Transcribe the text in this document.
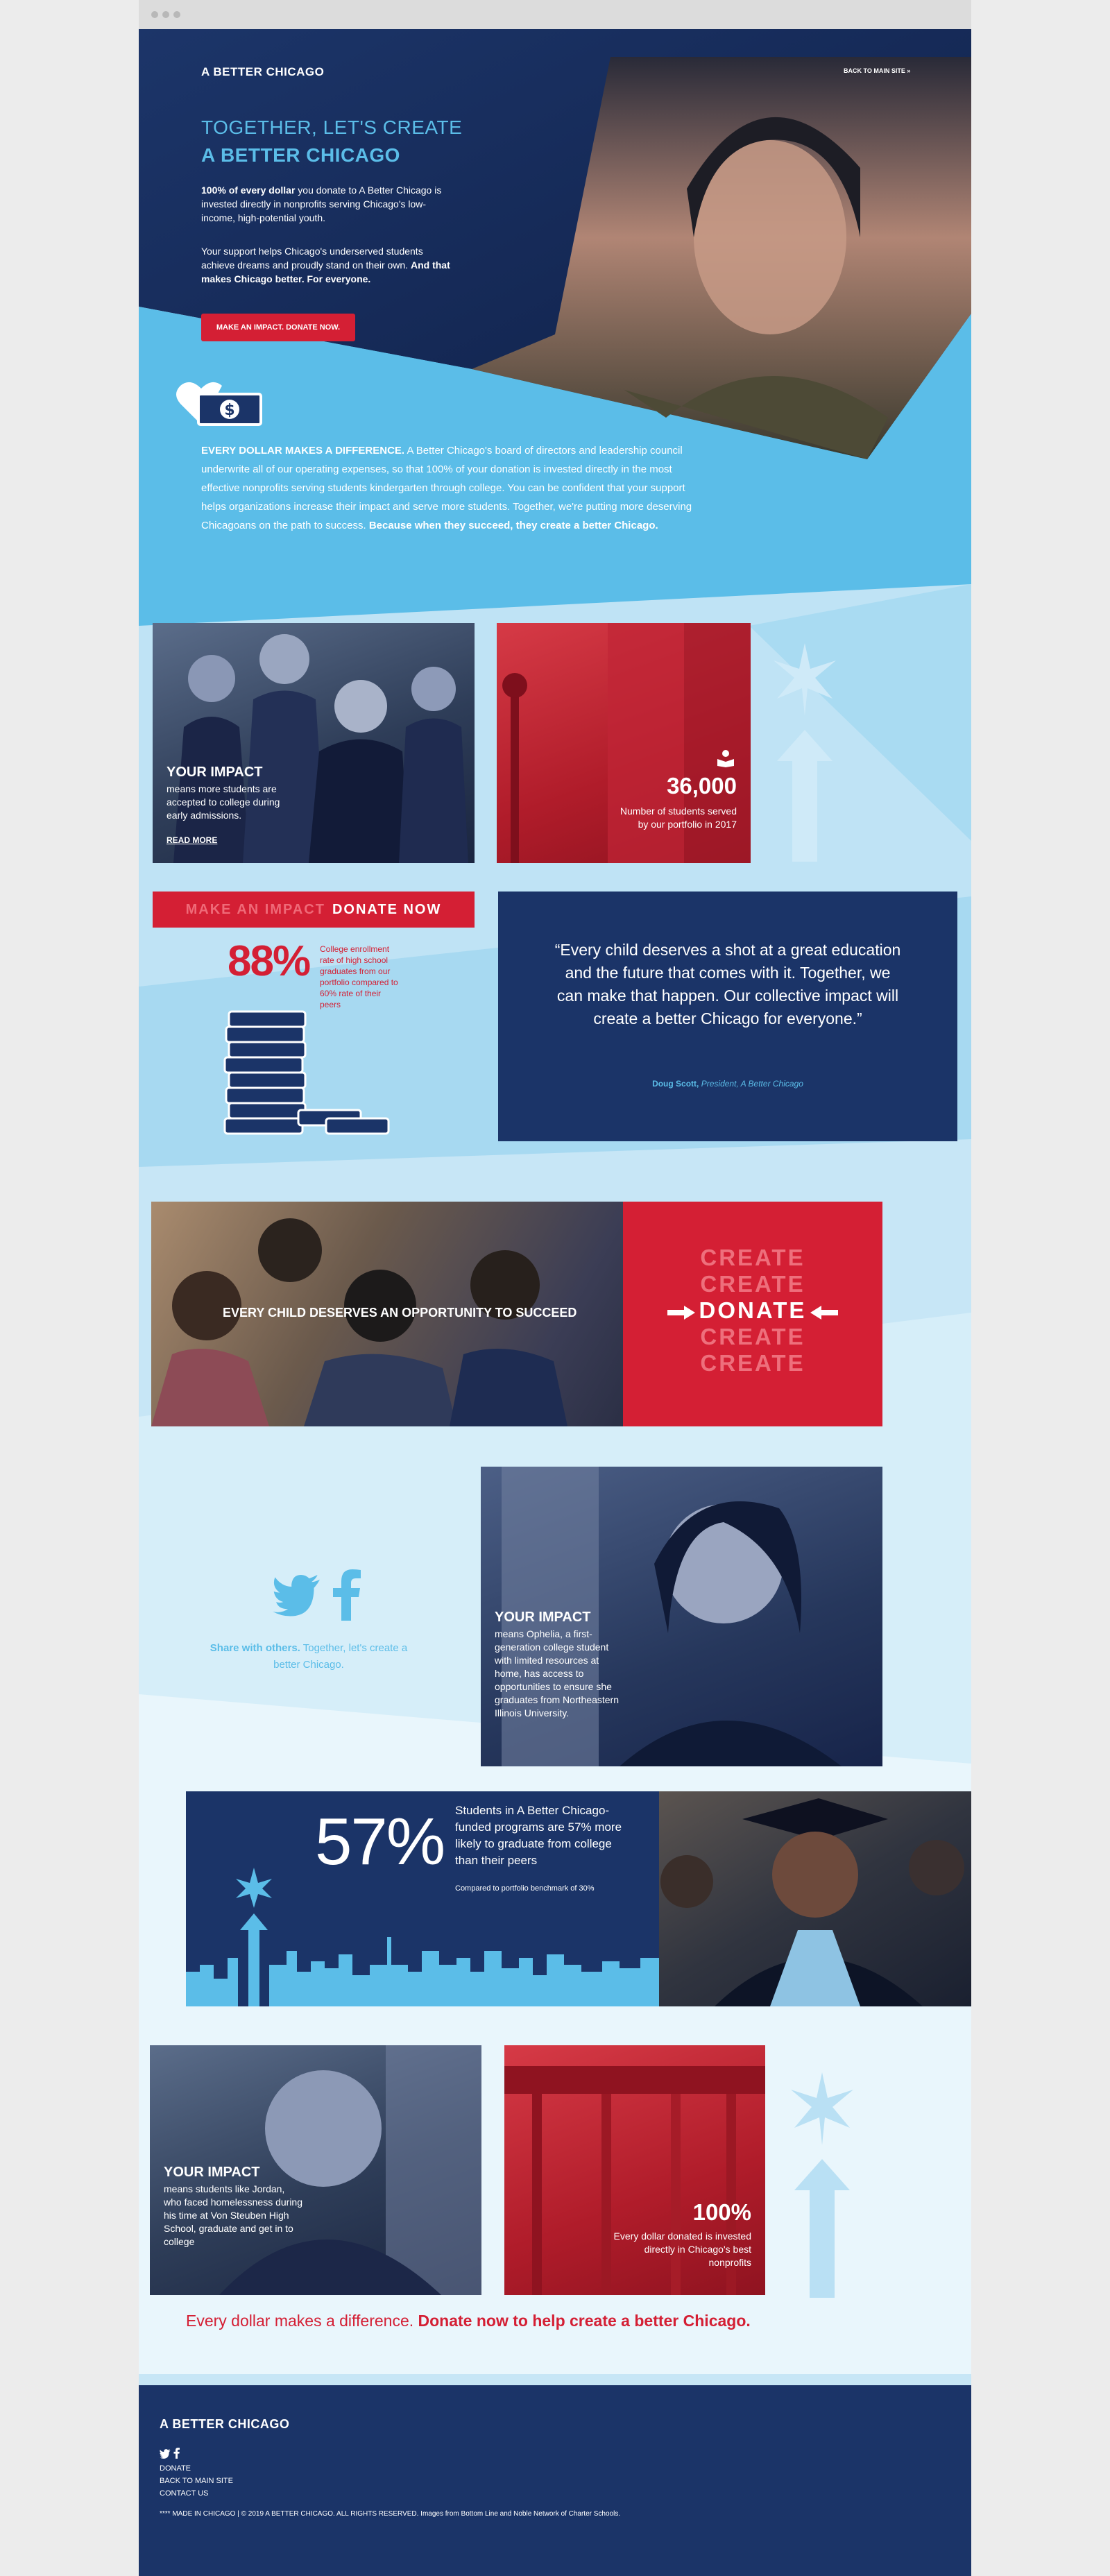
A BETTER CHICAGO	BACK TO MAIN SITE »
TOGETHER, LET'S CREATE
A BETTER CHICAGO
100% of every dollar you donate to A Better Chicago is invested directly in nonprofits serving Chicago's low-income, high-potential youth.
Your support helps Chicago's underserved students achieve dreams and proudly stand on their own. And that makes Chicago better. For everyone.
MAKE AN IMPACT. DONATE NOW.
$
EVERY DOLLAR MAKES A DIFFERENCE. A Better Chicago's board of directors and leadership council underwrite all of our operating expenses, so that 100% of your donation is invested directly in the most effective nonprofits serving students kindergarten through college. You can be confident that your support helps organizations increase their impact and serve more students. Together, we're putting more deserving Chicagoans on the path to success. Because when they succeed, they create a better Chicago.
YOUR IMPACT
means more students are accepted to college during early admissions.
READ MORE
36,000
Number of students served by our portfolio in 2017
MAKE AN IMPACT DONATE NOW
88% College enrollment rate of high school graduates from our portfolio compared to 60% rate of their peers
“Every child deserves a shot at a great education and the future that comes with it. Together, we can make that happen. Our collective impact will create a better Chicago for everyone.”
Doug Scott, President, A Better Chicago
EVERY CHILD DESERVES AN OPPORTUNITY TO SUCCEED
CREATE
CREATE
DONATE
CREATE
CREATE
Share with others. Together, let's create a better Chicago.
YOUR IMPACT
means Ophelia, a first-generation college student with limited resources at home, has access to opportunities to ensure she graduates from Northeastern Illinois University.
57% Students in A Better Chicago-funded programs are 57% more likely to graduate from college than their peers
Compared to portfolio benchmark of 30%
YOUR IMPACT
means students like Jordan, who faced homelessness during his time at Von Steuben High School, graduate and get in to college
100%
Every dollar donated is invested directly in Chicago's best nonprofits
Every dollar makes a difference. Donate now to help create a better Chicago.
A BETTER CHICAGO
DONATE
BACK TO MAIN SITE
CONTACT US
**** MADE IN CHICAGO | © 2019 A BETTER CHICAGO. ALL RIGHTS RESERVED. Images from Bottom Line and Noble Network of Charter Schools.
